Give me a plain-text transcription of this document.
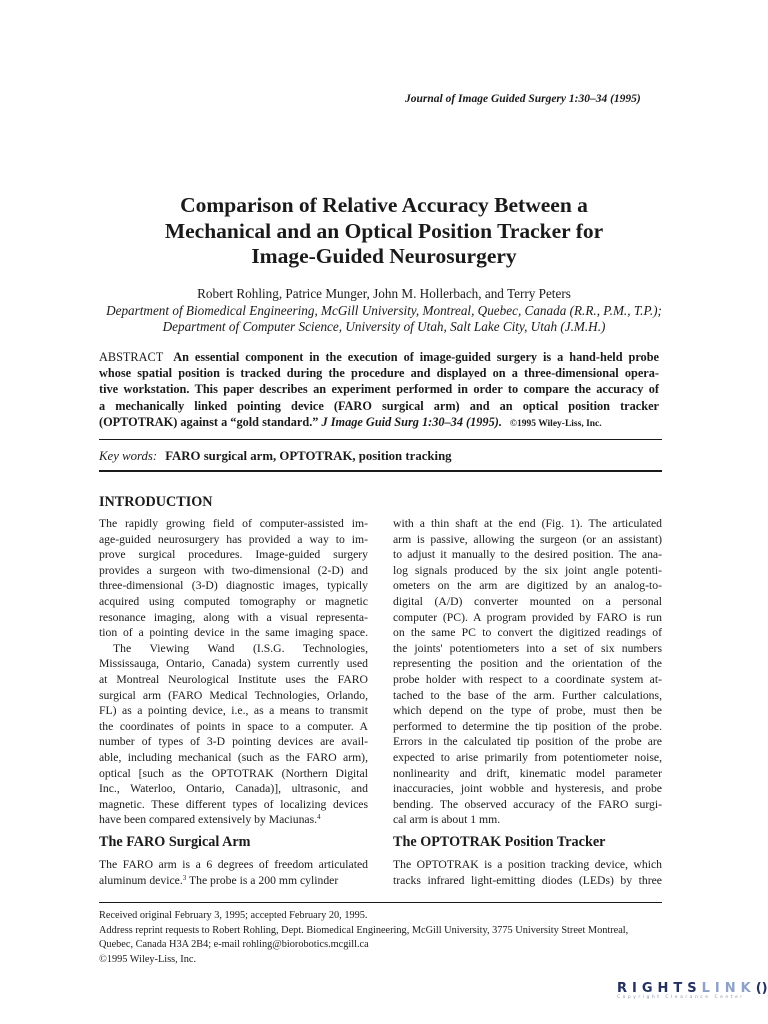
Journal of Image Guided Surgery 1:30–34 (1995)
Comparison of Relative Accuracy Between a
Mechanical and an Optical Position Tracker for
Image-Guided Neurosurgery
Robert Rohling, Patrice Munger, John M. Hollerbach, and Terry Peters
Department of Biomedical Engineering, McGill University, Montreal, Quebec, Canada (R.R., P.M., T.P.);
Department of Computer Science, University of Utah, Salt Lake City, Utah (J.M.H.)
ABSTRACT An essential component in the execution of image-guided surgery is a hand-held probe
whose spatial position is tracked during the procedure and displayed on a three-dimensional opera-
tive workstation. This paper describes an experiment performed in order to compare the accuracy of
a mechanically linked pointing device (FARO surgical arm) and an optical position tracker
(OPTOTRAK) against a “gold standard.” J Image Guid Surg 1:30–34 (1995). ©1995 Wiley-Liss, Inc.
Key words: FARO surgical arm, OPTOTRAK, position tracking
INTRODUCTION

The rapidly growing field of computer-assisted im-
age-guided neurosurgery has provided a way to im-
prove surgical procedures. Image-guided surgery
provides a surgeon with two-dimensional (2-D) and
three-dimensional (3-D) diagnostic images, typically
acquired using computed tomography or magnetic
resonance imaging, along with a visual representa-
tion of a pointing device in the same imaging space.

The Viewing Wand (I.S.G. Technologies,
Mississauga, Ontario, Canada) system currently used
at Montreal Neurological Institute uses the FARO
surgical arm (FARO Medical Technologies, Orlando,
FL) as a pointing device, i.e., as a means to transmit
the coordinates of points in space to a computer. A
number of types of 3-D pointing devices are avail-
able, including mechanical (such as the FARO arm),
optical [such as the OPTOTRAK (Northern Digital
Inc., Waterloo, Ontario, Canada)], ultrasonic, and
magnetic. These different types of localizing devices
have been compared extensively by Maciunas.$^4$

The FARO Surgical Arm
The FARO arm is a 6 degrees of freedom articulated
aluminum device.$^3$ The probe is a 200 mm cylinder
with a thin shaft at the end (Fig. 1). The articulated
arm is passive, allowing the surgeon (or an assistant)
to adjust it manually to the desired position. The ana-
log signals produced by the six joint angle potenti-
ometers on the arm are digitized by an analog-to-
digital (A/D) converter mounted on a personal
computer (PC). A program provided by FARO is run
on the same PC to convert the digitized readings of
the joints' potentiometers into a set of six numbers
representing the position and the orientation of the
probe holder with respect to a coordinate system at-
tached to the base of the arm. Further calculations,
which depend on the type of probe, must then be
performed to determine the tip position of the probe.
Errors in the calculated tip position of the probe are
expected to arise primarily from potentiometer noise,
nonlinearity and drift, kinematic model parameter
inaccuracies, joint wobble and hysteresis, and probe
bending. The observed accuracy of the FARO surgi-
cal arm is about 1 mm.
The OPTOTRAK Position Tracker
The OPTOTRAK is a position tracking device, which
tracks infrared light-emitting diodes (LEDs) by three
Received original February 3, 1995; accepted February 20, 1995.
Address reprint requests to Robert Rohling, Dept. Biomedical Engineering, McGill University, 3775 University Street Montreal,
Quebec, Canada H3A 2B4; e-mail rohling@biorobotics.mcgill.ca
©1995 Wiley-Liss, Inc.
RIGHTSLINK()
Copyright Clearance Center
